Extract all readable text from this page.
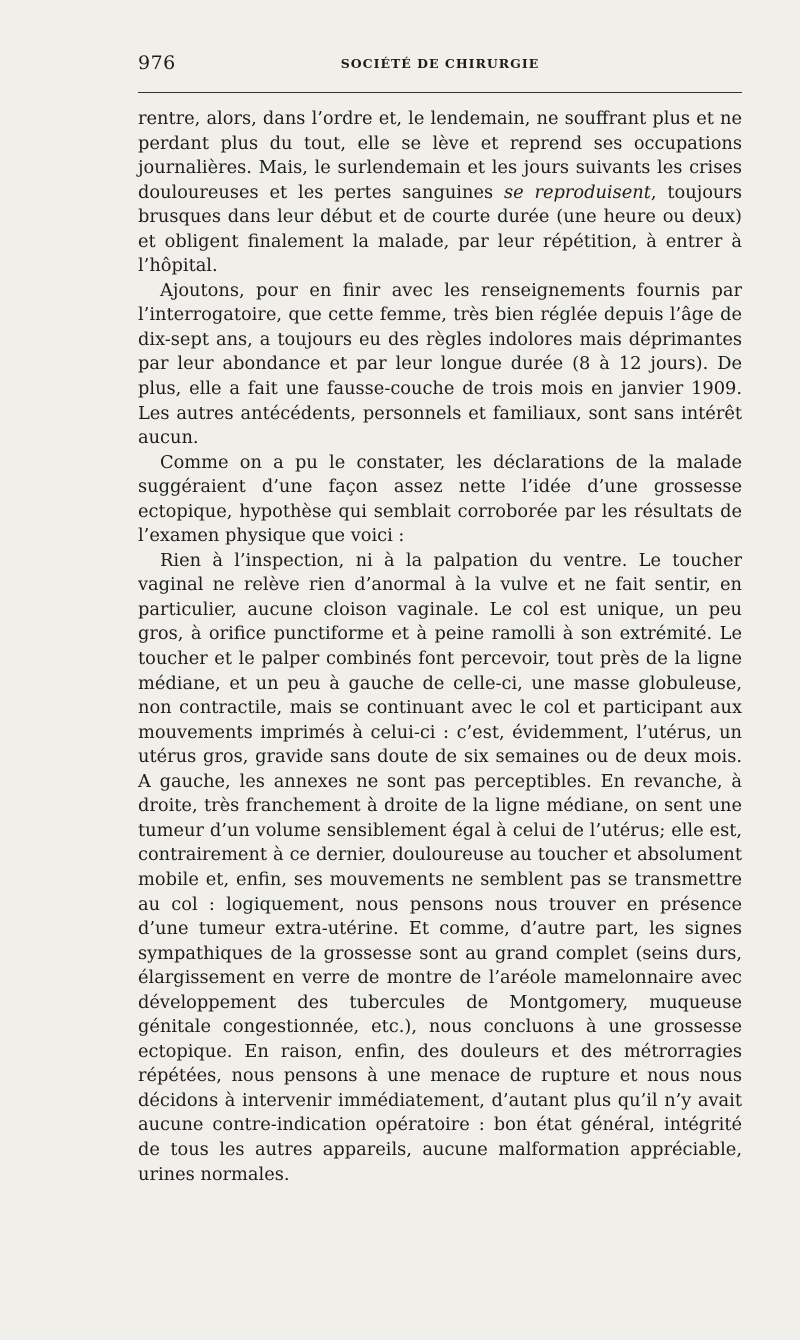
976	SOCIÉTÉ DE CHIRURGIE

rentre, alors, dans l’ordre et, le lendemain, ne souffrant plus et ne perdant plus du tout, elle se lève et reprend ses occupations journalières. Mais, le surlendemain et les jours suivants les crises douloureuses et les pertes sanguines se reproduisent, toujours brusques dans leur début et de courte durée (une heure ou deux) et obligent finalement la malade, par leur répétition, à entrer à l’hôpital.

Ajoutons, pour en finir avec les renseignements fournis par l’interrogatoire, que cette femme, très bien réglée depuis l’âge de dix-sept ans, a toujours eu des règles indolores mais déprimantes par leur abondance et par leur longue durée (8 à 12 jours). De plus, elle a fait une fausse-couche de trois mois en janvier 1909. Les autres antécédents, personnels et familiaux, sont sans intérêt aucun.

Comme on a pu le constater, les déclarations de la malade suggéraient d’une façon assez nette l’idée d’une grossesse ectopique, hypothèse qui semblait corroborée par les résultats de l’examen physique que voici :

Rien à l’inspection, ni à la palpation du ventre. Le toucher vaginal ne relève rien d’anormal à la vulve et ne fait sentir, en particulier, aucune cloison vaginale. Le col est unique, un peu gros, à orifice punctiforme et à peine ramolli à son extrémité. Le toucher et le palper combinés font percevoir, tout près de la ligne médiane, et un peu à gauche de celle-ci, une masse globuleuse, non contractile, mais se continuant avec le col et participant aux mouvements imprimés à celui-ci : c’est, évidemment, l’utérus, un utérus gros, gravide sans doute de six semaines ou de deux mois. A gauche, les annexes ne sont pas perceptibles. En revanche, à droite, très franchement à droite de la ligne médiane, on sent une tumeur d’un volume sensiblement égal à celui de l’utérus; elle est, contrairement à ce dernier, douloureuse au toucher et absolument mobile et, enfin, ses mouvements ne semblent pas se transmettre au col : logiquement, nous pensons nous trouver en présence d’une tumeur extra-utérine. Et comme, d’autre part, les signes sympathiques de la grossesse sont au grand complet (seins durs, élargissement en verre de montre de l’aréole mamelonnaire avec développement des tubercules de Montgomery, muqueuse génitale congestionnée, etc.), nous concluons à une grossesse ectopique. En raison, enfin, des douleurs et des métrorragies répétées, nous pensons à une menace de rupture et nous nous décidons à intervenir immédiatement, d’autant plus qu’il n’y avait aucune contre-indication opératoire : bon état général, intégrité de tous les autres appareils, aucune malformation appréciable, urines normales.
